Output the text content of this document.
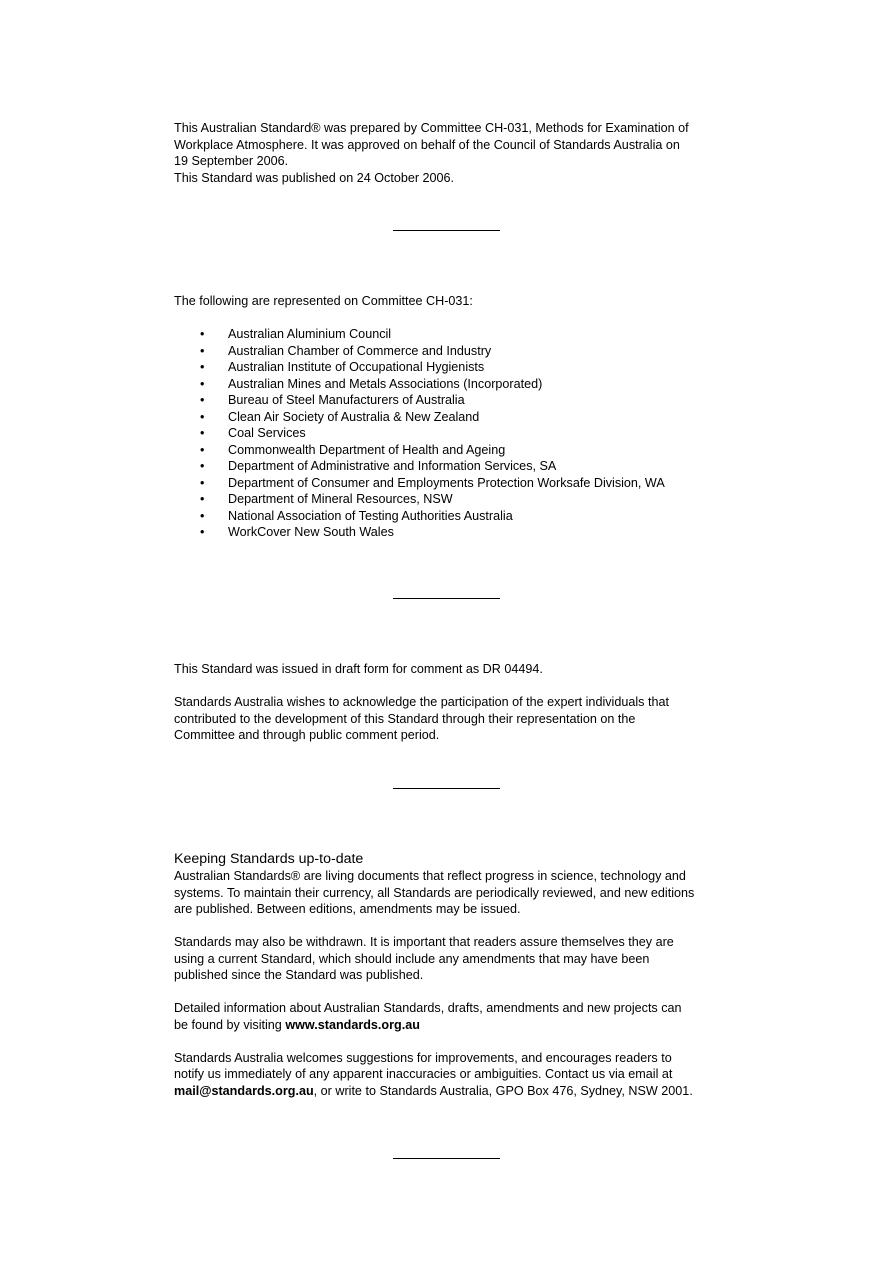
This Australian Standard® was prepared by Committee CH-031, Methods for Examination of

Workplace Atmosphere. It was approved on behalf of the Council of Standards Australia on

19 September 2006.

This Standard was published on 24 October 2006.

The following are represented on Committee CH-031:

• Australian Aluminium Council
• Australian Chamber of Commerce and Industry
• Australian Institute of Occupational Hygienists
• Australian Mines and Metals Associations (Incorporated)
• Bureau of Steel Manufacturers of Australia
• Clean Air Society of Australia & New Zealand
• Coal Services
• Commonwealth Department of Health and Ageing
• Department of Administrative and Information Services, SA
• Department of Consumer and Employments Protection Worksafe Division, WA
• Department of Mineral Resources, NSW
• National Association of Testing Authorities Australia
• WorkCover New South Wales

This Standard was issued in draft form for comment as DR 04494.

Standards Australia wishes to acknowledge the participation of the expert individuals that

contributed to the development of this Standard through their representation on the

Committee and through public comment period.

Keeping Standards up-to-date

Australian Standards® are living documents that reflect progress in science, technology and

systems. To maintain their currency, all Standards are periodically reviewed, and new editions

are published. Between editions, amendments may be issued.

Standards may also be withdrawn. It is important that readers assure themselves they are

using a current Standard, which should include any amendments that may have been

published since the Standard was published.

Detailed information about Australian Standards, drafts, amendments and new projects can

be found by visiting www.standards.org.au

Standards Australia welcomes suggestions for improvements, and encourages readers to

notify us immediately of any apparent inaccuracies or ambiguities. Contact us via email at

mail@standards.org.au, or write to Standards Australia, GPO Box 476, Sydney, NSW 2001.
